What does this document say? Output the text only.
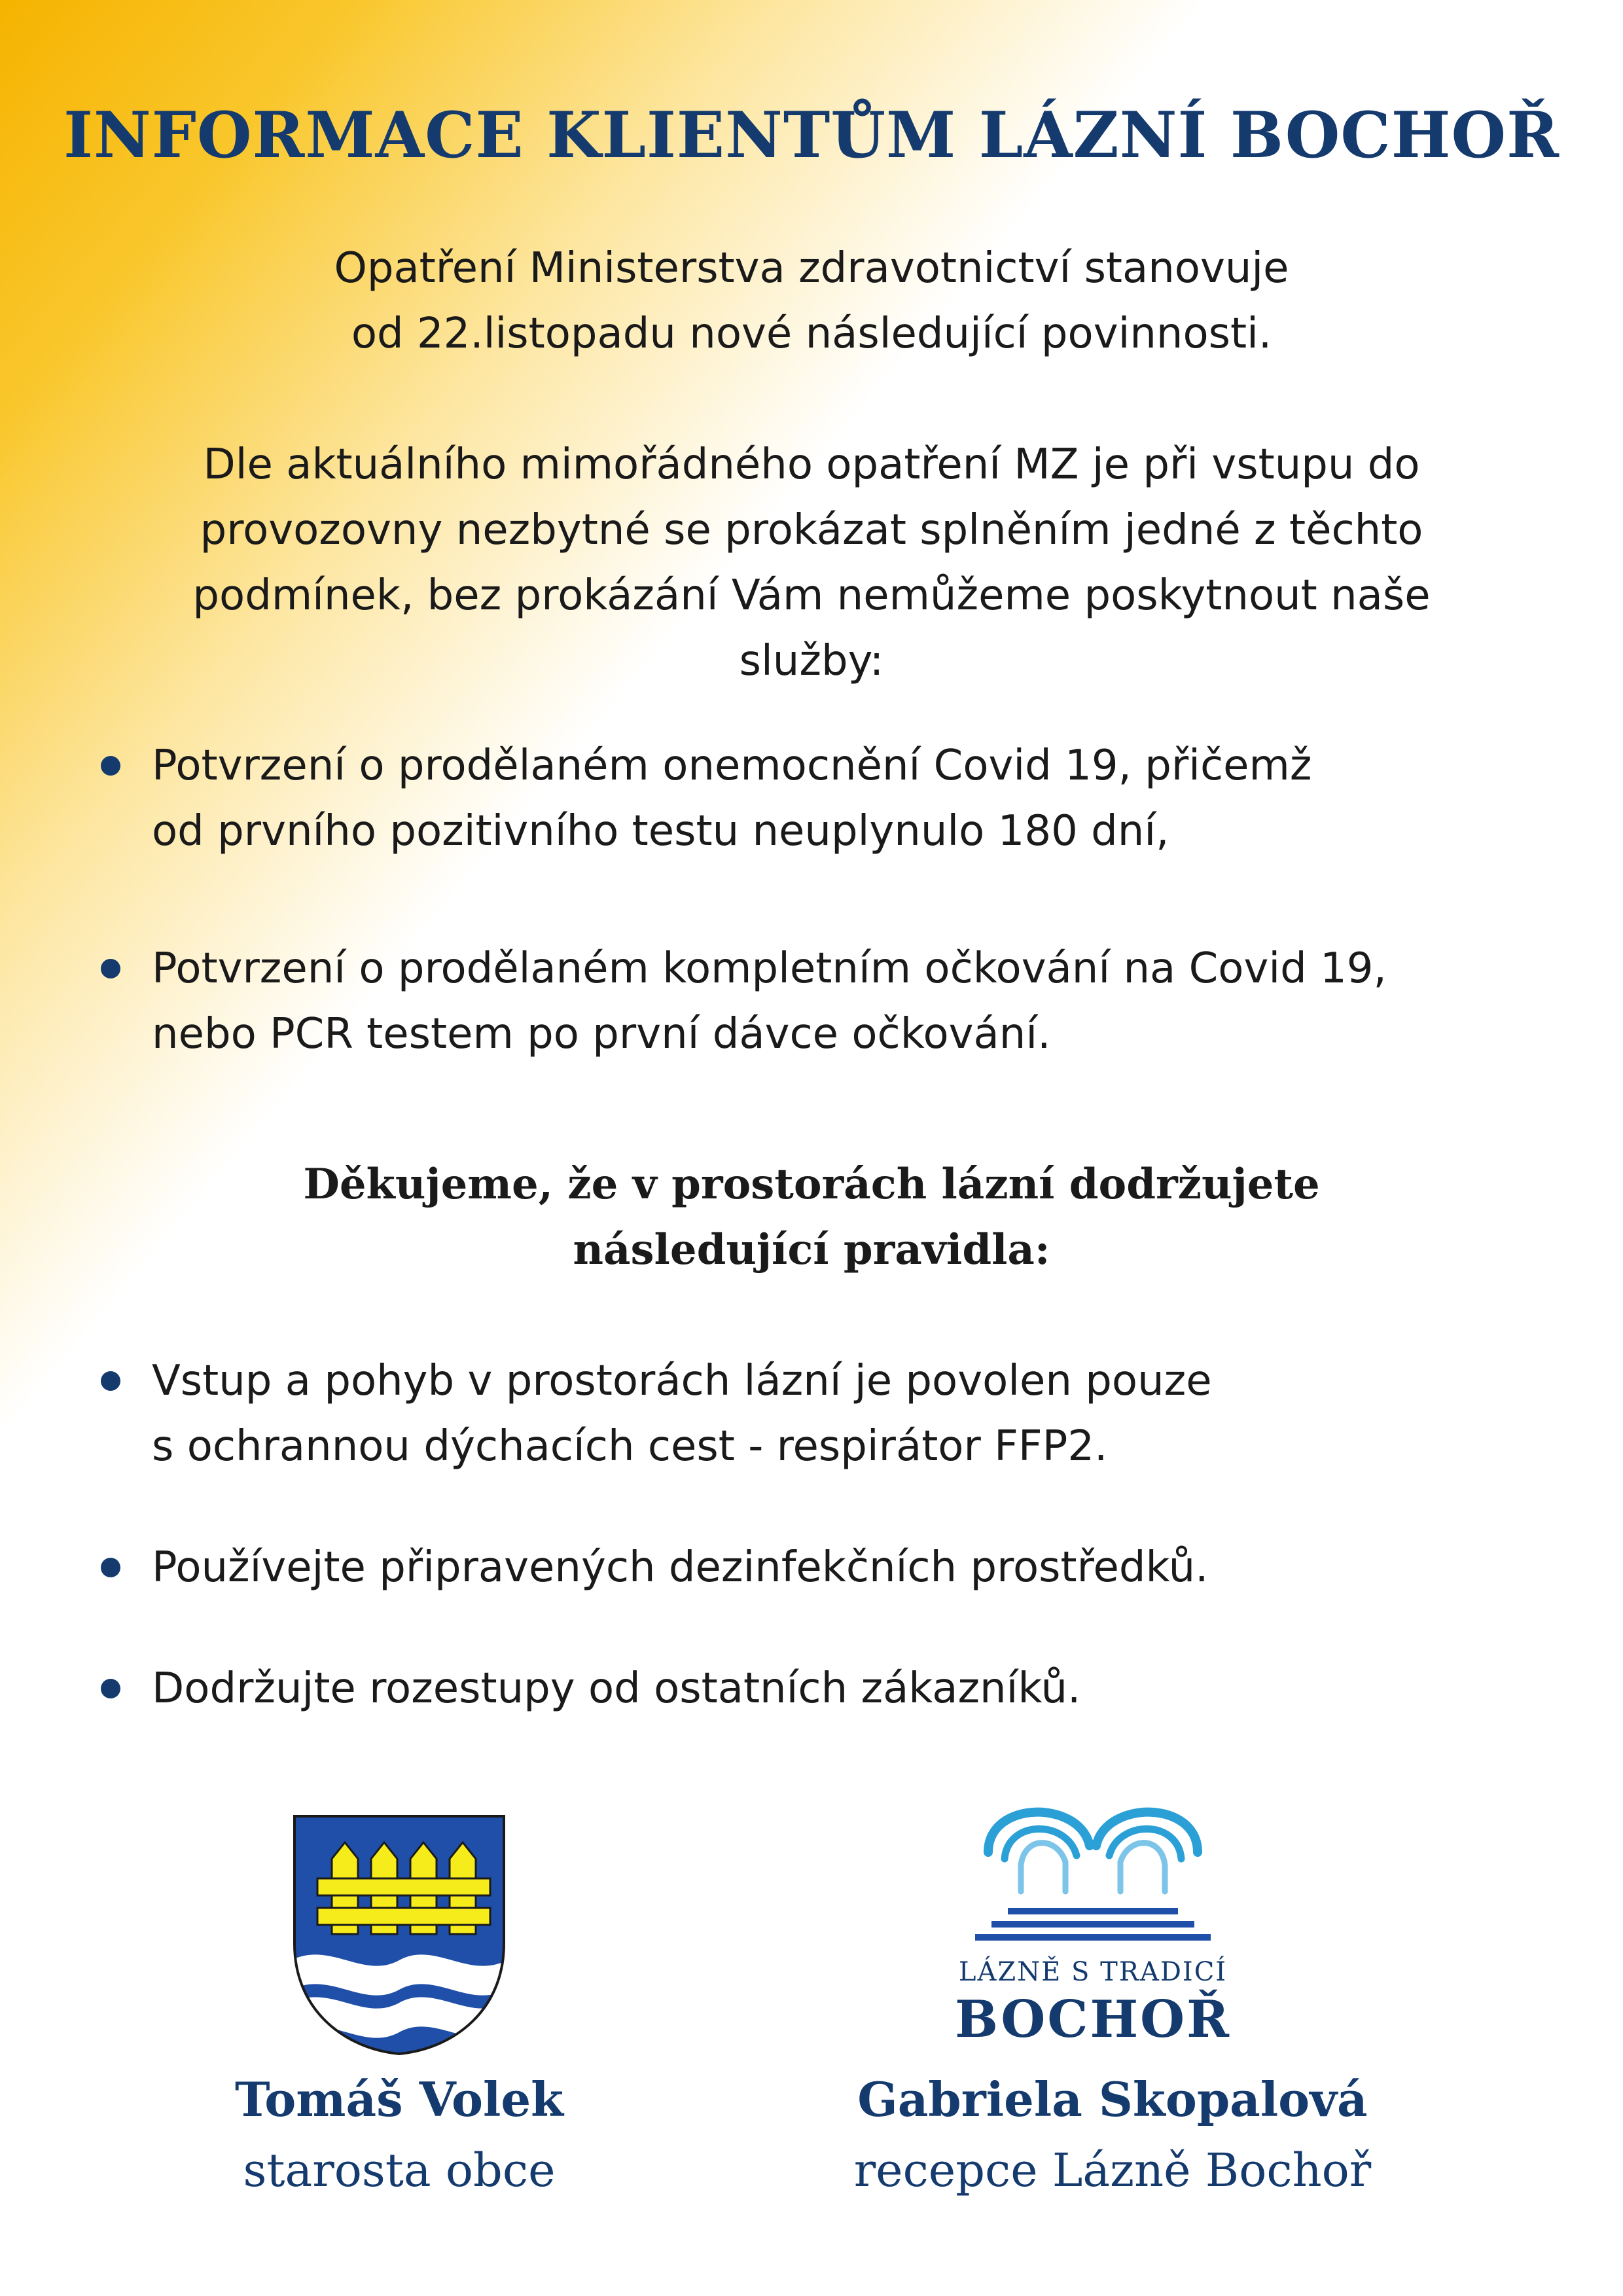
INFORMACE KLIENTŮM LÁZNÍ BOCHOŘ

Opatření Ministerstva zdravotnictví stanovuje
od 22.listopadu nové následující povinnosti.

Dle aktuálního mimořádného opatření MZ je při vstupu do
provozovny nezbytné se prokázat splněním jedné z těchto
podmínek, bez prokázání Vám nemůžeme poskytnout naše
služby:

Potvrzení o prodělaném onemocnění Covid 19, přičemž
od prvního pozitivního testu neuplynulo 180 dní,
Potvrzení o prodělaném kompletním očkování na Covid 19,
nebo PCR testem po první dávce očkování.

Děkujeme, že v prostorách lázní dodržujete
následující pravidla:

Vstup a pohyb v prostorách lázní je povolen pouze
s ochrannou dýchacích cest - respirátor FFP2.
Používejte připravených dezinfekčních prostředků.
Dodržujte rozestupy od ostatních zákazníků.

LÁZNĚ S TRADICÍ

BOCHOŘ

Tomáš Volek

starosta obce

Gabriela Skopalová

recepce Lázně Bochoř
